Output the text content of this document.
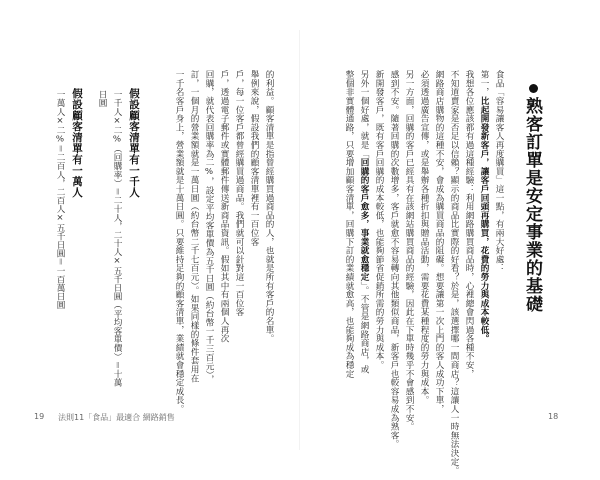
熟客訂單是安定事業的基礎
食品「容易讓客人再度購買」這一點，有兩大好處：
第一，比起開發新客戶，讓客戶回頭再購買，花費的勞力與成本較低。
我想各位應該都有過這種經驗：利用網路購買商品時，心裡總會閃過各種不安，
不知道賣家是否足以信賴？顯示的商品比實際的好看？於是，該選擇哪一間商店？這讓人一時無法決定。
網路商店購物的這種不安，會成為購買商品的阻礙。想要讓第一次上門的客人成功下單，
必須透過廣告宣傳，或是舉辦各種折扣與贈品活動，需要花費某種程度的勞力與成本。
另一方面，回購的客戶已經具有在該網站購買商品的經驗，因此在下單時幾乎不會感到不安。
感到不安。隨著回購的次數增多，客戶就愈不容易轉向其他類似商品，新客戶也較容易成為熟客。
新開發客戶，既有客戶回購的成本較低，也能夠節省促銷所需的勞力與成本。
另外一個好處，就是「回購的客戶愈多，事業就愈穩定」。不管是網路商店，或
整個非實體通路，只要增加顧客清單，回購下訂的業績就愈高，也能夠成為穩定
18
的利益。顧客清單是指曾經購買過商品的人，也就是所有客戶的名單。
舉例來說，假設我們的顧客清單裡有一百位客
戶，每一位客戶都曾經購買過商品。我們就可以針對這一百位客
戶，透過電子郵件或實體郵件傳送新商品資訊。假如其中有兩個人再次
回購，就代表回購率為二%，設定平均客單價為五千日圓（約台幣一千三百元），
訂，一個月的營業額就是一萬日圓（約台幣二千七百元）。如果同樣的條件套用在
一千名客戶身上，營業額就是十萬日圓。只要維持足夠的顧客清單，業績就會穩定成長。
假設顧客清單有一千人
一千人×二%（回購率）＝二十人，二十人×五千日圓（平均客單價）＝十萬
日圓
假設顧客清單有一萬人
一萬人×二%＝二百人，二百人×五千日圓＝一百萬日圓
19 法則11「食品」最適合 網路銷售
